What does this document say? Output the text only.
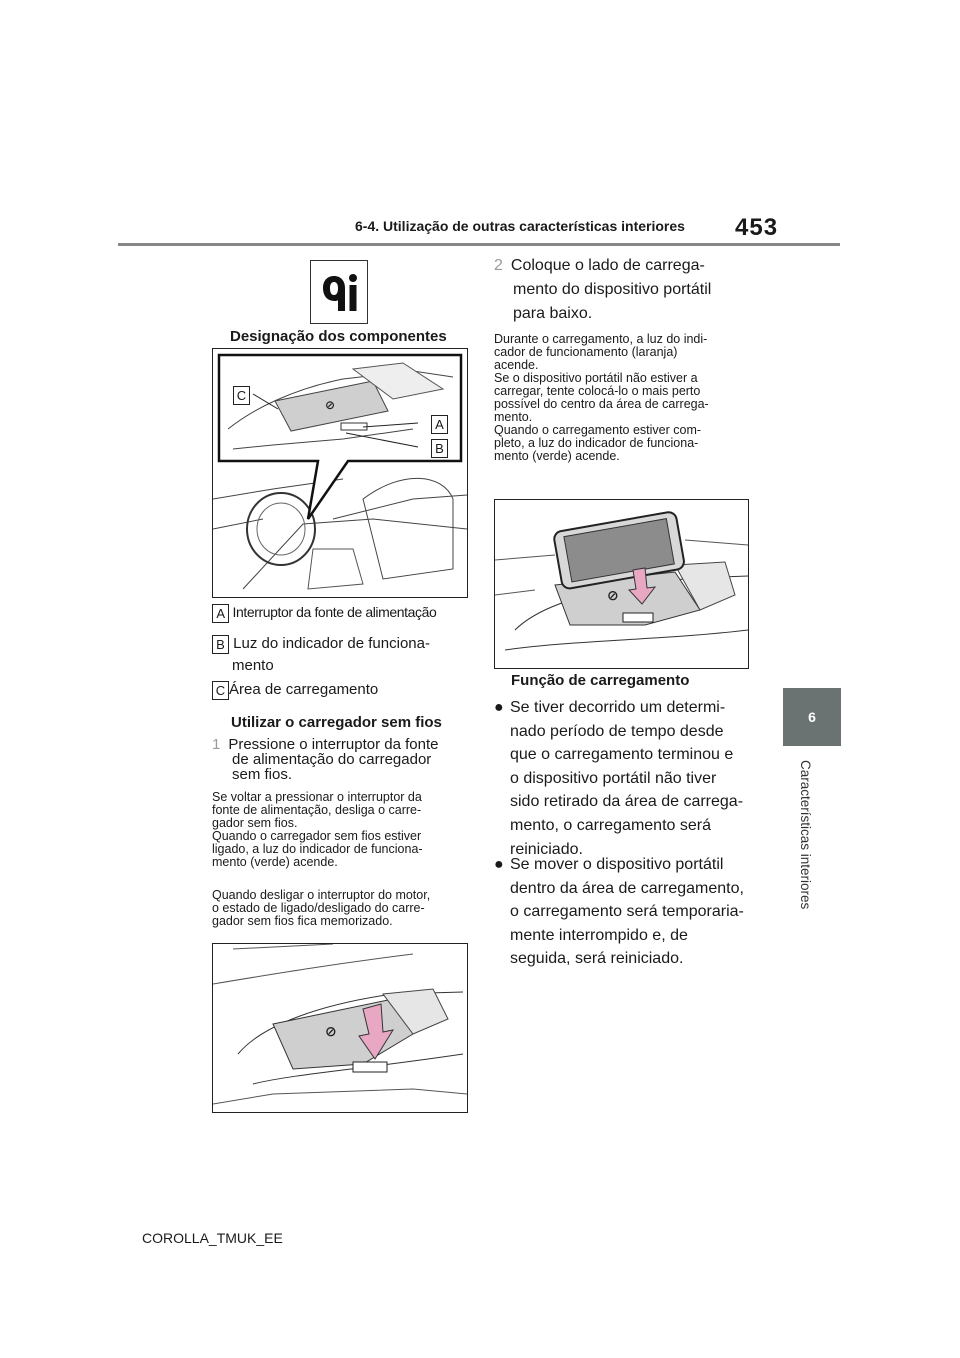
6-4. Utilização de outras características interiores 453
6
Características interiores
Designação dos componentes
⊘
C
A
B
A Interruptor da fonte de alimentação
B Luz do indicador de funciona-
mento
C Área de carregamento
Utilizar o carregador sem fios
1 Pressione o interruptor da fonte
de alimentação do carregador
sem fios.
Se voltar a pressionar o interruptor da
fonte de alimentação, desliga o carre-
gador sem fios.
Quando o carregador sem fios estiver
ligado, a luz do indicador de funciona-
mento (verde) acende.
Quando desligar o interruptor do motor,
o estado de ligado/desligado do carre-
gador sem fios fica memorizado.
⊘
2 Coloque o lado de carrega-
mento do dispositivo portátil
para baixo.
Durante o carregamento, a luz do indi-
cador de funcionamento (laranja)
acende.
Se o dispositivo portátil não estiver a
carregar, tente colocá-lo o mais perto
possível do centro da área de carrega-
mento.
Quando o carregamento estiver com-
pleto, a luz do indicador de funciona-
mento (verde) acende.
⊘
Função de carregamento
● Se tiver decorrido um determi-
nado período de tempo desde
que o carregamento terminou e
o dispositivo portátil não tiver
sido retirado da área de carrega-
mento, o carregamento será
reiniciado.
● Se mover o dispositivo portátil
dentro da área de carregamento,
o carregamento será temporaria-
mente interrompido e, de
seguida, será reiniciado.
COROLLA_TMUK_EE
